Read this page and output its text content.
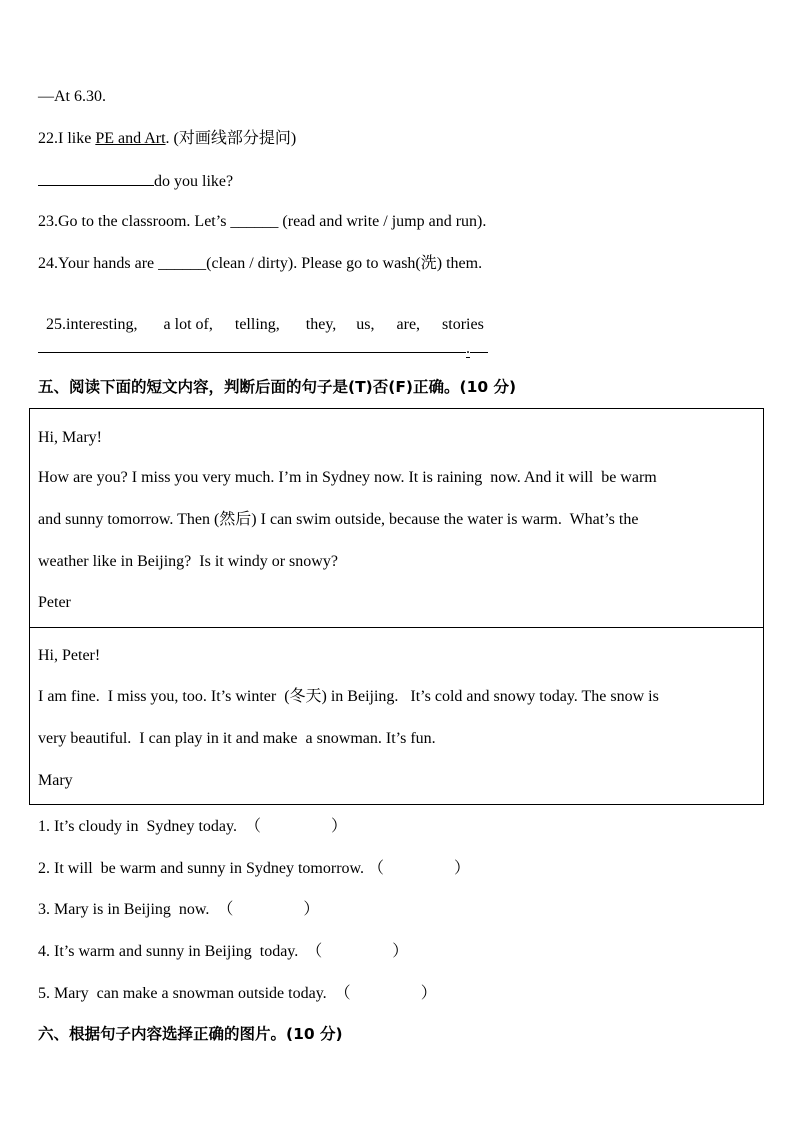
—At 6.30.
22.I like PE and Art. (对画线部分提问)
do you like?
23.Go to the classroom. Let’s ______ (read and write / jump and run).
24.Your hands are ______(clean / dirty). Please go to wash(洗) them.

25.interesting, a lot of, telling, they, us, are, stories

.
五、阅读下面的短文内容，判断后面的句子是(T)否(F)正确。(10 分)
Hi, Mary!
How are you? I miss you very much. I’m in Sydney now. It is raining  now. And it will  be warm
and sunny tomorrow. Then (然后) I can swim outside, because the water is warm.  What’s the
weather like in Beijing?  Is it windy or snowy?
Peter
Hi, Peter!
I am fine.  I miss you, too. It’s winter  (冬天) in Beijing.   It’s cold and snowy today. The snow is
very beautiful.  I can play in it and make  a snowman. It’s fun.
Mary
1. It’s cloudy in  Sydney today. （	）
2. It will  be warm and sunny in Sydney tomorrow. （	）
3. Mary is in Beijing  now. （	）
4. It’s warm and sunny in Beijing  today. （	）
5. Mary  can make a snowman outside today. （	）
六、根据句子内容选择正确的图片。(10 分)
